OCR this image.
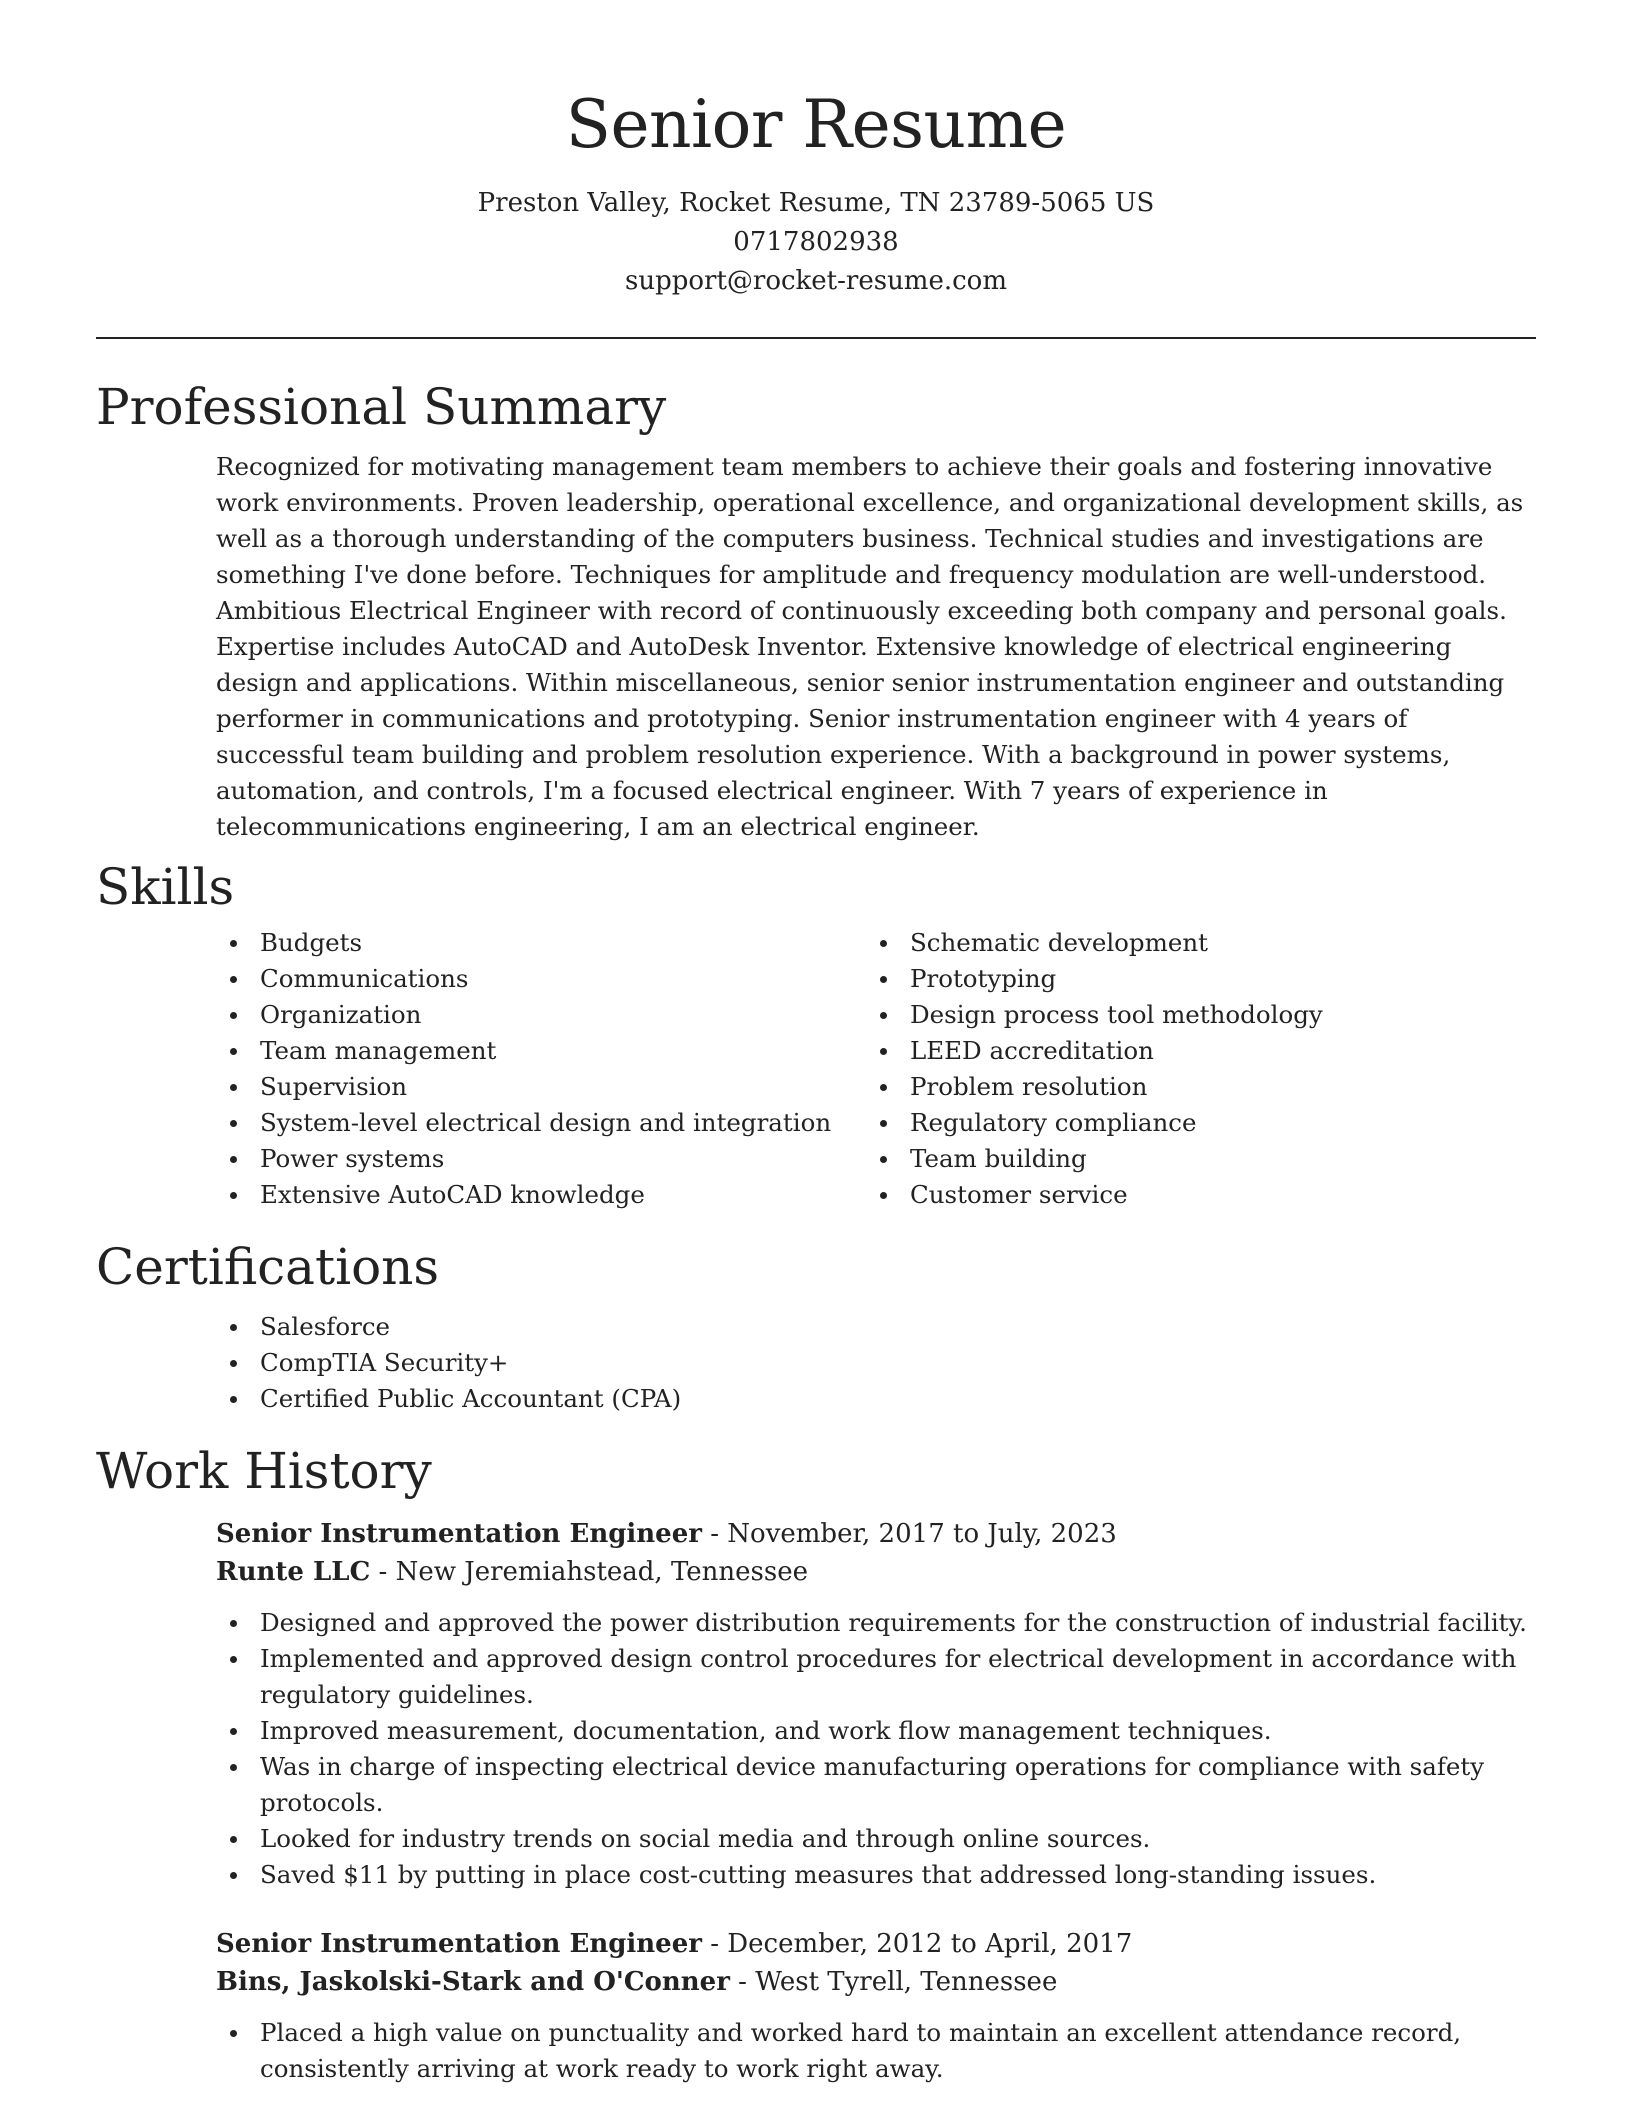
Senior Resume
Preston Valley, Rocket Resume, TN 23789-5065 US
0717802938
support@rocket-resume.com
Professional Summary

Recognized for motivating management team members to achieve their goals and fostering innovative work environments. Proven leadership, operational excellence, and organizational development skills, as well as a thorough understanding of the computers business. Technical studies and investigations are something I've done before. Techniques for amplitude and frequency modulation are well-understood. Ambitious Electrical Engineer with record of continuously exceeding both company and personal goals. Expertise includes AutoCAD and AutoDesk Inventor. Extensive knowledge of electrical engineering design and applications. Within miscellaneous, senior senior instrumentation engineer and outstanding performer in communications and prototyping. Senior instrumentation engineer with 4 years of successful team building and problem resolution experience. With a background in power systems, automation, and controls, I'm a focused electrical engineer. With 7 years of experience in telecommunications engineering, I am an electrical engineer.

Skills
Budgets
Communications
Organization
Team management
Supervision
System-level electrical design and integration
Power systems
Extensive AutoCAD knowledge
Schematic development
Prototyping
Design process tool methodology
LEED accreditation
Problem resolution
Regulatory compliance
Team building
Customer service
Certifications
Salesforce
CompTIA Security+
Certified Public Accountant (CPA)
Work History
Senior Instrumentation Engineer - November, 2017 to July, 2023
Runte LLC - New Jeremiahstead, Tennessee
Designed and approved the power distribution requirements for the construction of industrial facility.
Implemented and approved design control procedures for electrical development in accordance with regulatory guidelines.
Improved measurement, documentation, and work flow management techniques.
Was in charge of inspecting electrical device manufacturing operations for compliance with safety protocols.
Looked for industry trends on social media and through online sources.
Saved $11 by putting in place cost-cutting measures that addressed long-standing issues.
Senior Instrumentation Engineer - December, 2012 to April, 2017
Bins, Jaskolski-Stark and O'Conner - West Tyrell, Tennessee
Placed a high value on punctuality and worked hard to maintain an excellent attendance record, consistently arriving at work ready to work right away.
